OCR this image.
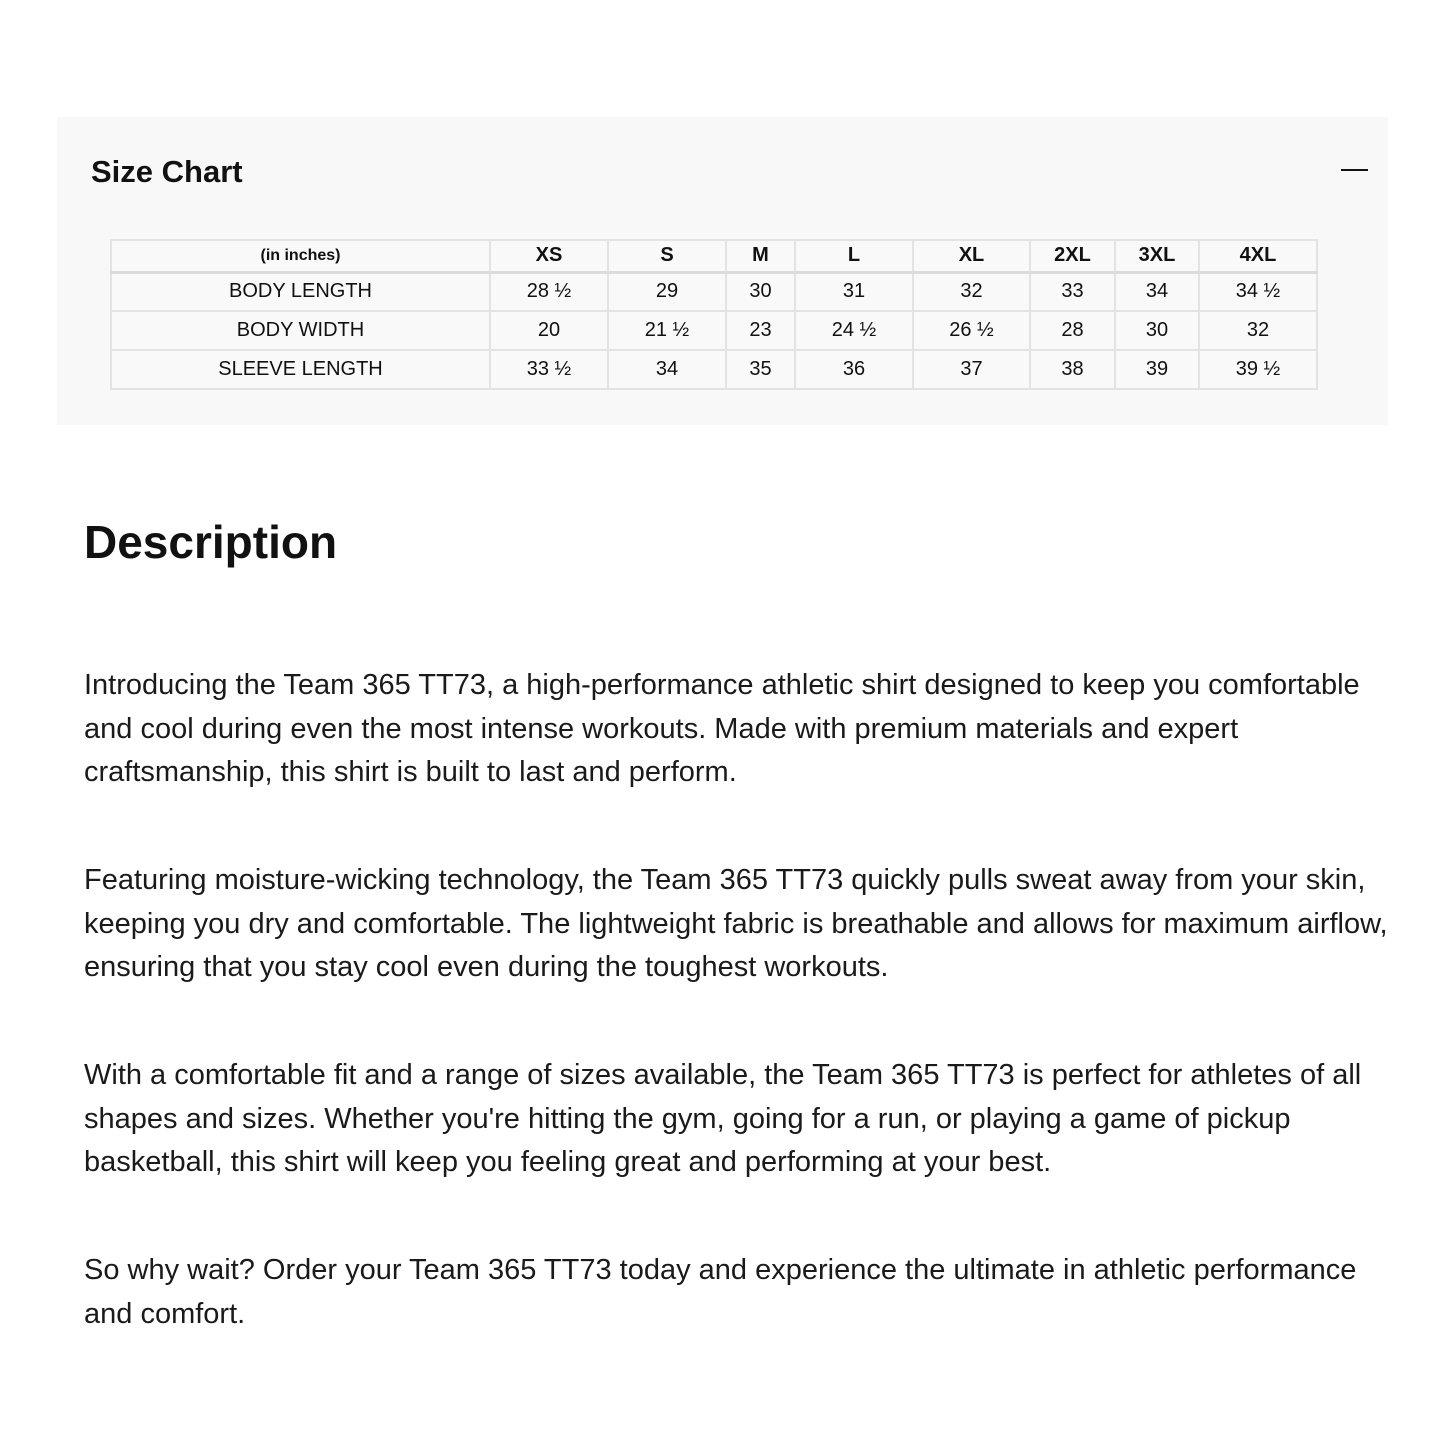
Size Chart
(in inches)	XS	S	M	L	XL	2XL	3XL	4XL
BODY LENGTH	28 ½	29	30	31	32	33	34	34 ½
BODY WIDTH	20	21 ½	23	24 ½	26 ½	28	30	32
SLEEVE LENGTH	33 ½	34	35	36	37	38	39	39 ½
Description

Introducing the Team 365 TT73, a high-performance athletic shirt designed to keep you comfortable and cool during even the most intense workouts. Made with premium materials and expert craftsmanship, this shirt is built to last and perform.

Featuring moisture-wicking technology, the Team 365 TT73 quickly pulls sweat away from your skin, keeping you dry and comfortable. The lightweight fabric is breathable and allows for maximum airflow, ensuring that you stay cool even during the toughest workouts.

With a comfortable fit and a range of sizes available, the Team 365 TT73 is perfect for athletes of all shapes and sizes. Whether you're hitting the gym, going for a run, or playing a game of pickup basketball, this shirt will keep you feeling great and performing at your best.

So why wait? Order your Team 365 TT73 today and experience the ultimate in athletic performance and comfort.
